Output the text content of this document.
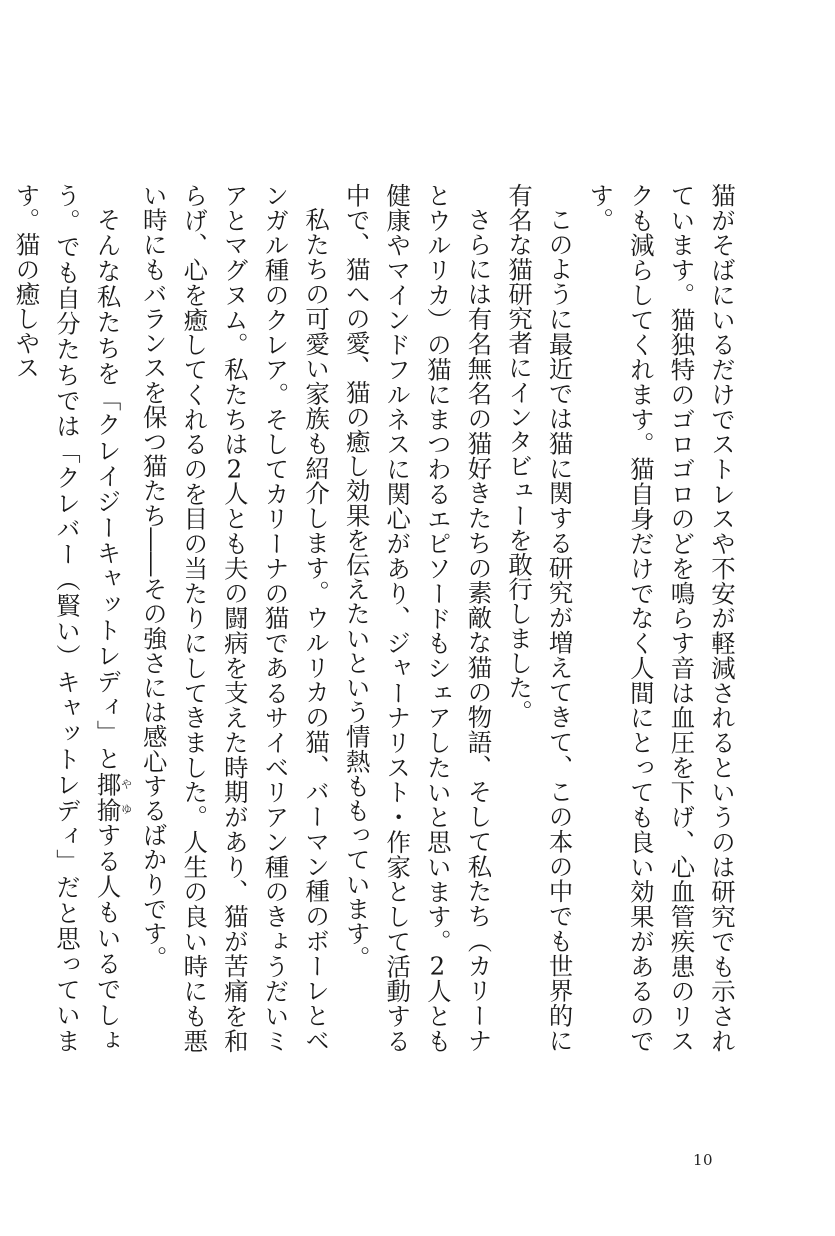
猫がそばにいるだけでストレスや不安が軽減されるというのは研究でも示されています。猫独特のゴロゴロのどを鳴らす音は血圧を下げ、心血管疾患のリスクも減らしてくれます。猫自身だけでなく人間にとっても良い効果があるのです。

このように最近では猫に関する研究が増えてきて、この本の中でも世界的に有名な猫研究者にインタビューを敢行しました。

さらには有名無名の猫好きたちの素敵な猫の物語、そして私たち（カリーナとウルリカ）の猫にまつわるエピソードもシェアしたいと思います。2人とも健康やマインドフルネスに関心があり、ジャーナリスト・作家として活動する中で、猫への愛、猫の癒し効果を伝えたいという情熱ももっています。

私たちの可愛い家族も紹介します。ウルリカの猫、バーマン種のボーレとベンガル種のクレア。そしてカリーナの猫であるサイベリアン種のきょうだいミアとマグヌム。私たちは2人とも夫の闘病を支えた時期があり、猫が苦痛を和らげ、心を癒してくれるのを目の当たりにしてきました。人生の良い時にも悪い時にもバランスを保つ猫たち――その強さには感心するばかりです。

そんな私たちを「クレイジーキャットレディ」と揶揄やゆする人もいるでしょう。でも自分たちでは「クレバー（賢い）キャットレディ」だと思っています。猫の癒しやス

10
